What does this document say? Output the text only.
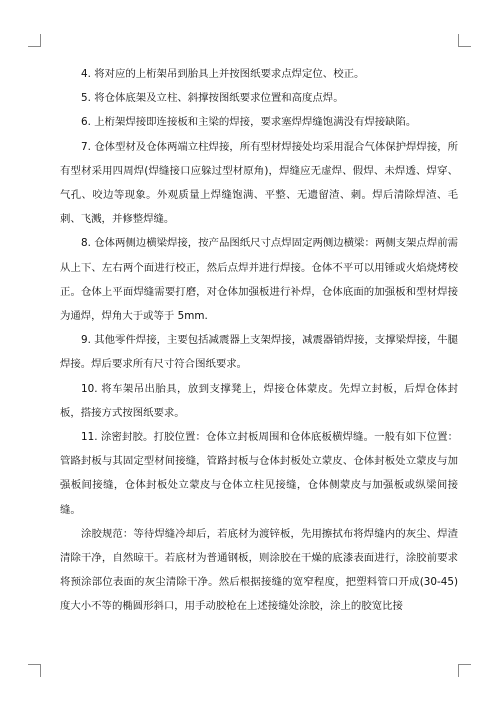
4. 将对应的上桁架吊到胎具上并按图纸要求点焊定位、校正。

5. 将仓体底架及立柱、斜撑按图纸要求位置和高度点焊。

6. 上桁架焊接即连接板和主梁的焊接，要求塞焊焊缝饱满没有焊接缺陷。

7. 仓体型材及仓体两端立柱焊接，所有型材焊接处均采用混合气体保护焊焊接，所有型材采用四周焊(焊缝接口应躲过型材原角)，焊缝应无虚焊、假焊、未焊透、焊穿、气孔、咬边等现象。外观质量上焊缝饱满、平整、无遗留渣、刺。焊后清除焊渣、毛刺、飞溅，并修整焊缝。

8. 仓体两侧边横梁焊接，按产品图纸尺寸点焊固定两侧边横梁：两侧支架点焊前需从上下、左右两个面进行校正，然后点焊并进行焊接。仓体不平可以用锤或火焰烧烤校正。仓体上平面焊缝需要打磨，对仓体加强板进行补焊，仓体底面的加强板和型材焊接为通焊，焊角大于或等于 5mm.

9. 其他零件焊接，主要包括减震器上支架焊接，减震器销焊接，支撑梁焊接，牛腿焊接。焊后要求所有尺寸符合图纸要求。

10. 将车架吊出胎具，放到支撑凳上，焊接仓体蒙皮。先焊立封板，后焊仓体封板，搭接方式按图纸要求。

11. 涂密封胶。打胶位置：仓体立封板周围和仓体底板横焊缝。一般有如下位置：管路封板与其固定型材间接缝，管路封板与仓体封板处立蒙皮、仓体封板处立蒙皮与加强板间接缝，仓体封板处立蒙皮与仓体立柱见接缝，仓体侧蒙皮与加强板或纵梁间接缝。

涂胶规范：等待焊缝冷却后，若底材为渡锌板，先用擦拭布将焊缝内的灰尘、焊渣清除干净，自然晾干。若底材为普通钢板，则涂胶在干燥的底漆表面进行，涂胶前要求将预涂部位表面的灰尘清除干净。然后根据接缝的宽窄程度，把塑料管口开成(30-45)度大小不等的椭圆形斜口，用手动胶枪在上述接缝处涂胶，涂上的胶宽比接
